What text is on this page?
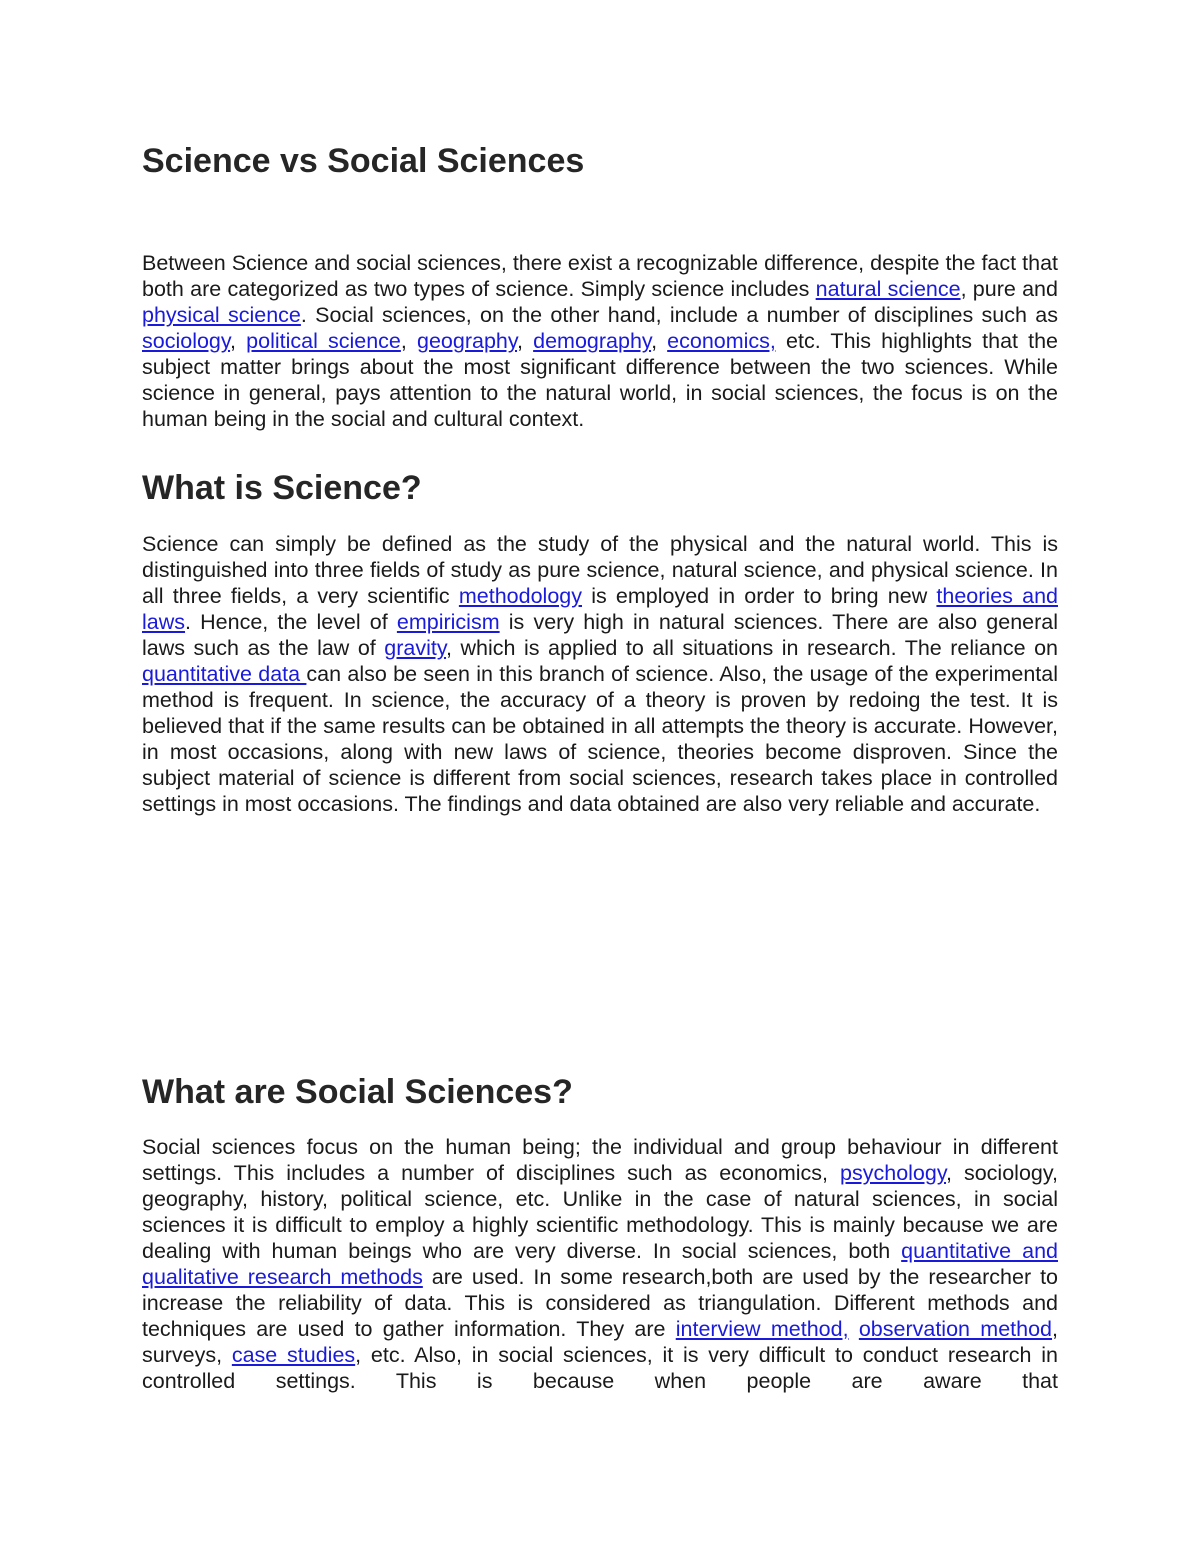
Science vs Social Sciences

Between Science and social sciences, there exist a recognizable difference, despite the fact that both are categorized as two types of science. Simply science includes natural science, pure and physical science. Social sciences, on the other hand, include a number of disciplines such as sociology, political science, geography, demography, economics, etc. This highlights that the subject matter brings about the most significant difference between the two sciences. While science in general, pays attention to the natural world, in social sciences, the focus is on the human being in the social and cultural context.

What is Science?

Science can simply be defined as the study of the physical and the natural world. This is distinguished into three fields of study as pure science, natural science, and physical science. In all three fields, a very scientific methodology is employed in order to bring new theories and laws. Hence, the level of empiricism is very high in natural sciences. There are also general laws such as the law of gravity, which is applied to all situations in research. The reliance on quantitative data can also be seen in this branch of science. Also, the usage of the experimental method is frequent. In science, the accuracy of a theory is proven by redoing the test. It is believed that if the same results can be obtained in all attempts the theory is accurate. However, in most occasions, along with new laws of science, theories become disproven. Since the subject material of science is different from social sciences, research takes place in controlled settings in most occasions. The findings and data obtained are also very reliable and accurate.

What are Social Sciences?

Social sciences focus on the human being; the individual and group behaviour in different settings. This includes a number of disciplines such as economics, psychology, sociology, geography, history, political science, etc. Unlike in the case of natural sciences, in social sciences it is difficult to employ a highly scientific methodology. This is mainly because we are dealing with human beings who are very diverse. In social sciences, both quantitative and qualitative research methods are used. In some research,both are used by the researcher to increase the reliability of data. This is considered as triangulation. Different methods and techniques are used to gather information. They are interview method, observation method, surveys, case studies, etc. Also, in social sciences, it is very difficult to conduct research in controlled settings. This is because when people are aware that
